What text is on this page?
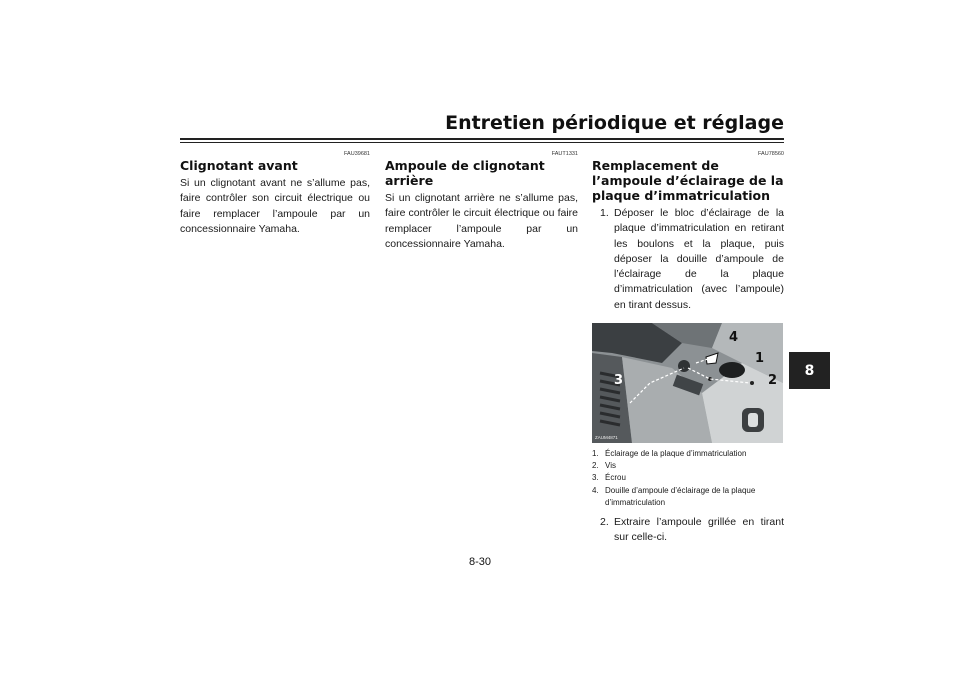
Entretien périodique et réglage
8
FAU39681
Clignotant avant

Si un clignotant avant ne s’allume pas, faire contrôler son circuit électrique ou faire remplacer l’ampoule par un concessionnaire Yamaha.

FAUT1331
Ampoule de clignotant arrière

Si un clignotant arrière ne s’allume pas, faire contrôler le circuit électrique ou faire remplacer l’ampoule par un concessionnaire Yamaha.

FAU78560
Remplacement de l’ampoule d’éclairage de la plaque d’immatriculation
1. Déposer le bloc d’éclairage de la plaque d’immatriculation en retirant les boulons et la plaque, puis déposer la douille d’ampoule de l’éclairage de la plaque d’immatriculation (avec l’ampoule) en tirant dessus.
4
1
2
3
ZAUM4871
1. Éclairage de la plaque d’immatriculation
2. Vis
3. Écrou
4. Douille d’ampoule d’éclairage de la plaque d’immatriculation
2. Extraire l’ampoule grillée en tirant sur celle-ci.
8-30
